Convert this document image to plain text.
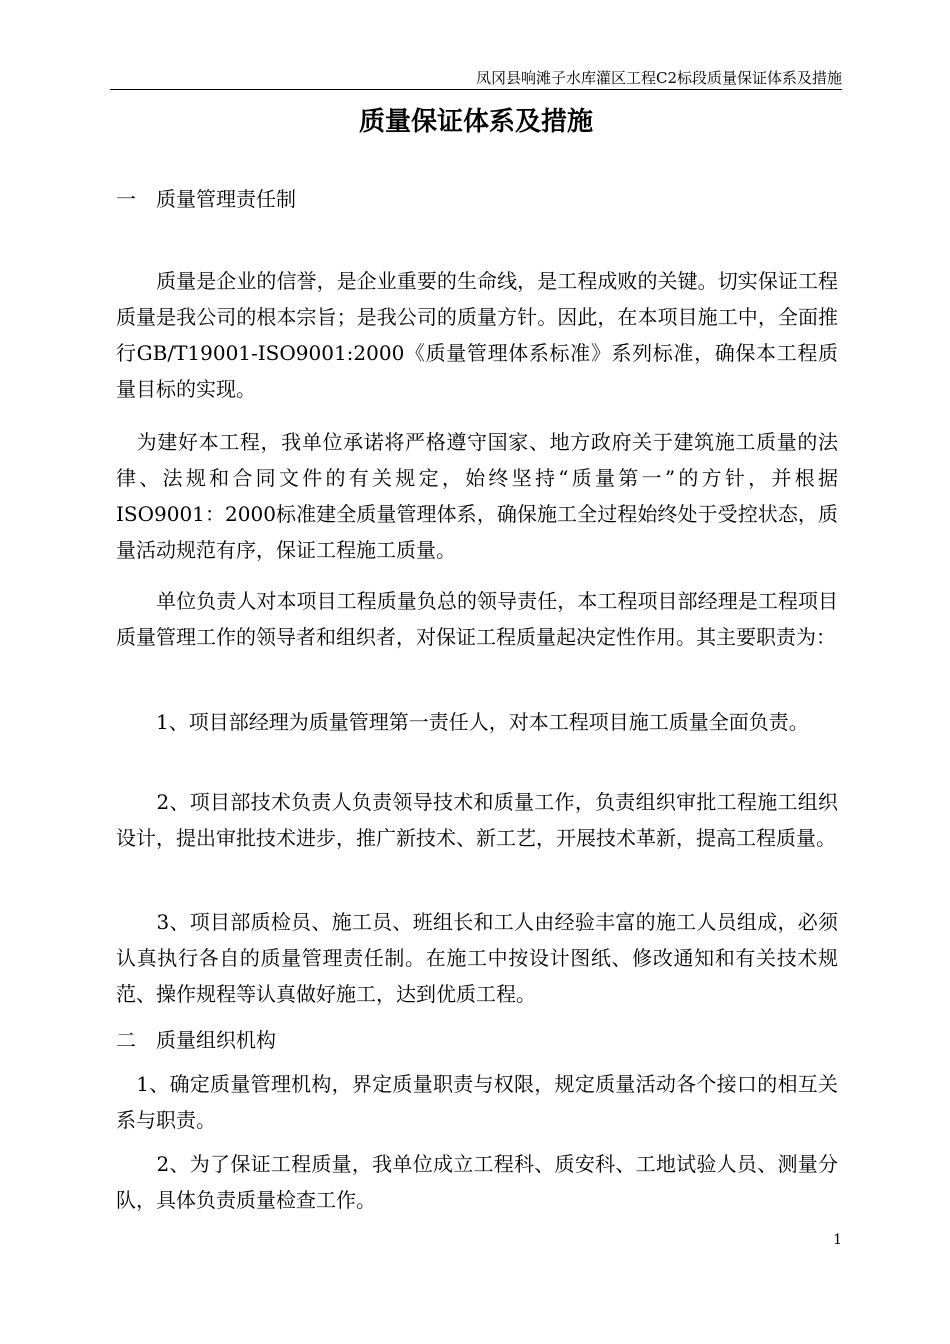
凤冈县响滩子水库灌区工程C2标段质量保证体系及措施
质量保证体系及措施
一 质量管理责任制

　　质量是企业的信誉，是企业重要的生命线，是工程成败的关键。切实保证工程质量是我公司的根本宗旨；是我公司的质量方针。因此，在本项目施工中，全面推行GB/T19001-ISO9001:2000《质量管理体系标准》系列标准，确保本工程质量目标的实现。

　为建好本工程，我单位承诺将严格遵守国家、地方政府关于建筑施工质量的法律、法规和合同文件的有关规定，始终坚持“质量第一”的方针，并根据ISO9001：2000标准建全质量管理体系，确保施工全过程始终处于受控状态，质量活动规范有序，保证工程施工质量。

　　单位负责人对本项目工程质量负总的领导责任，本工程项目部经理是工程项目质量管理工作的领导者和组织者，对保证工程质量起决定性作用。其主要职责为：

　　1、项目部经理为质量管理第一责任人，对本工程项目施工质量全面负责。

　　2、项目部技术负责人负责领导技术和质量工作，负责组织审批工程施工组织设计，提出审批技术进步，推广新技术、新工艺，开展技术革新，提高工程质量。

　　3、项目部质检员、施工员、班组长和工人由经验丰富的施工人员组成，必须认真执行各自的质量管理责任制。在施工中按设计图纸、修改通知和有关技术规范、操作规程等认真做好施工，达到优质工程。

二 质量组织机构

　1、确定质量管理机构，界定质量职责与权限，规定质量活动各个接口的相互关系与职责。

　　2、为了保证工程质量，我单位成立工程科、质安科、工地试验人员、测量分队，具体负责质量检查工作。

1
